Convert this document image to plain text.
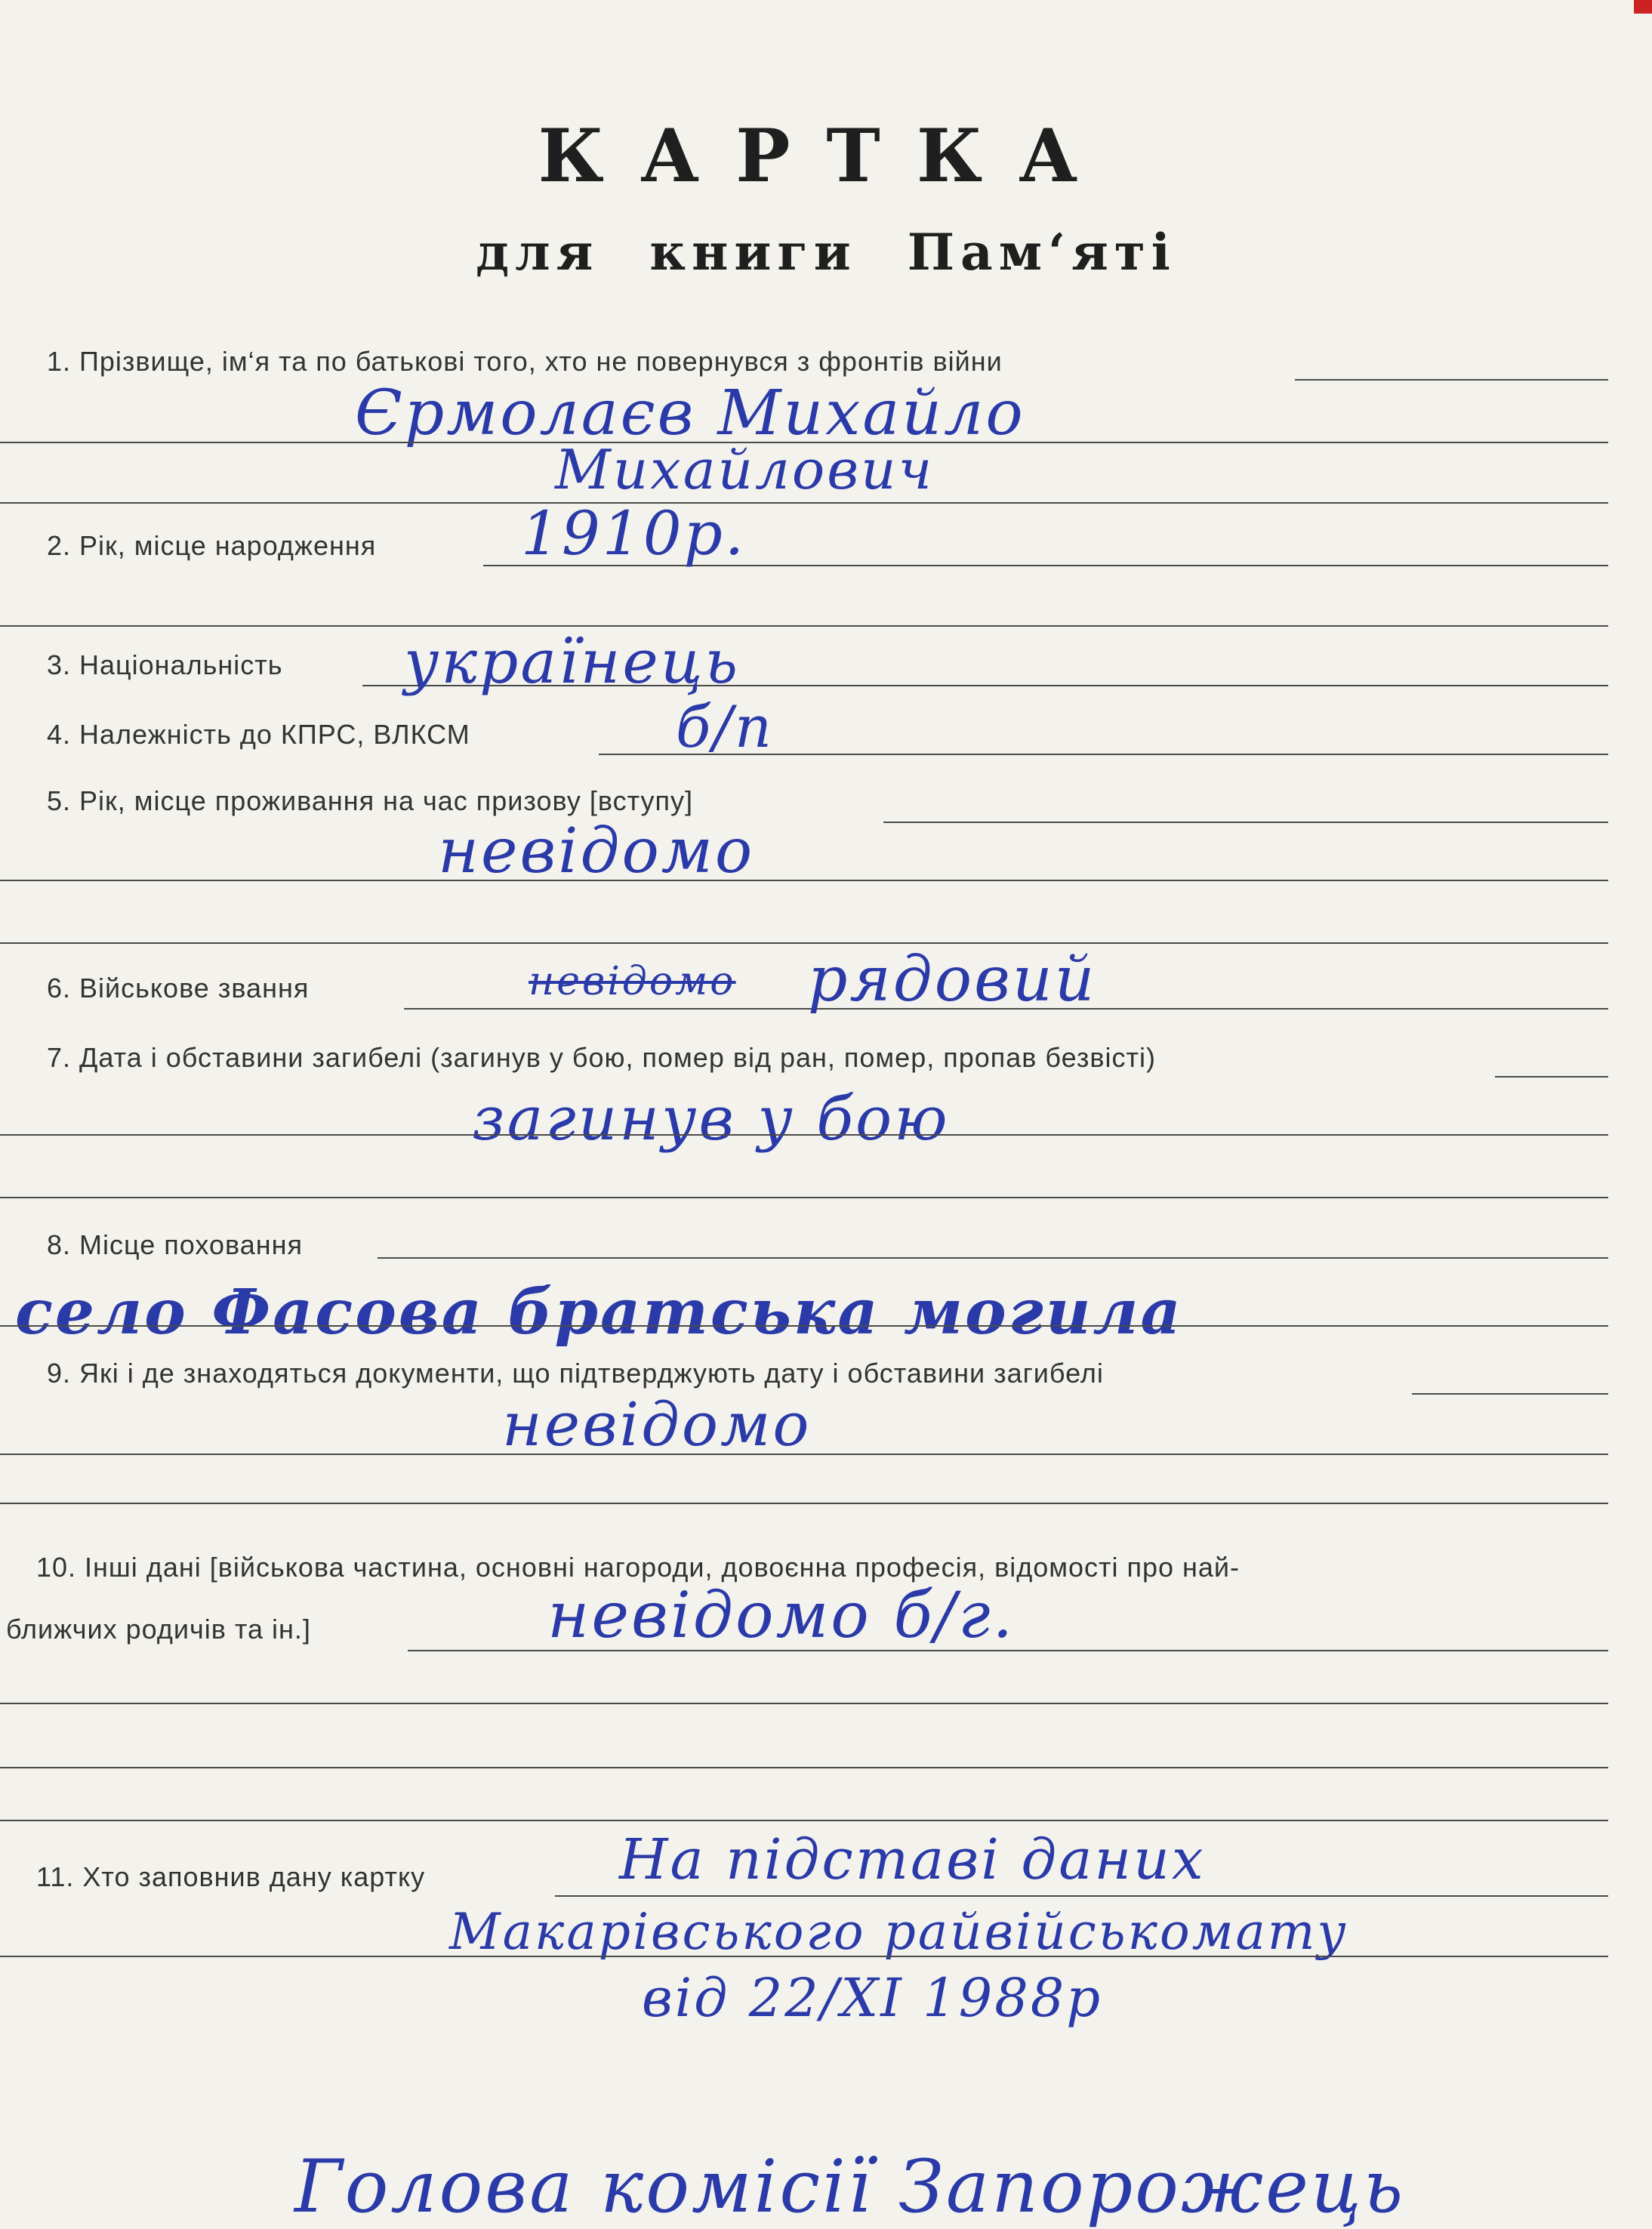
КАРТКА
для книги Пам‘яті
1. Прізвище, ім‘я та по батькові того, хто не повернувся з фронтів війни
Єрмолаєв Михайло
Михайлович
2. Рік, місце народження 1910р.
3. Національність українець
4. Належність до КПРС, ВЛКСМ	б/п
5. Рік, місце проживання на час призову [вступу]
невідомо
6. Військове звання	невідомо рядовий
7. Дата і обставини загибелі (загинув у бою, помер від ран, помер, пропав безвісті)
загинув у бою
8. Місце поховання
село Фасова братська могила
9. Які і де знаходяться документи, що підтверджують дату і обставини загибелі
невідомо
10. Інші дані [військова частина, основні нагороди, довоєнна професія, відомості про най-
ближчих родичів та ін.]	невідомо б/г.
11. Хто заповнив дану картку	На підставі даних
Макарівського райвійськомату
від 22/ХІ 1988р
Голова комісії Запорожець
